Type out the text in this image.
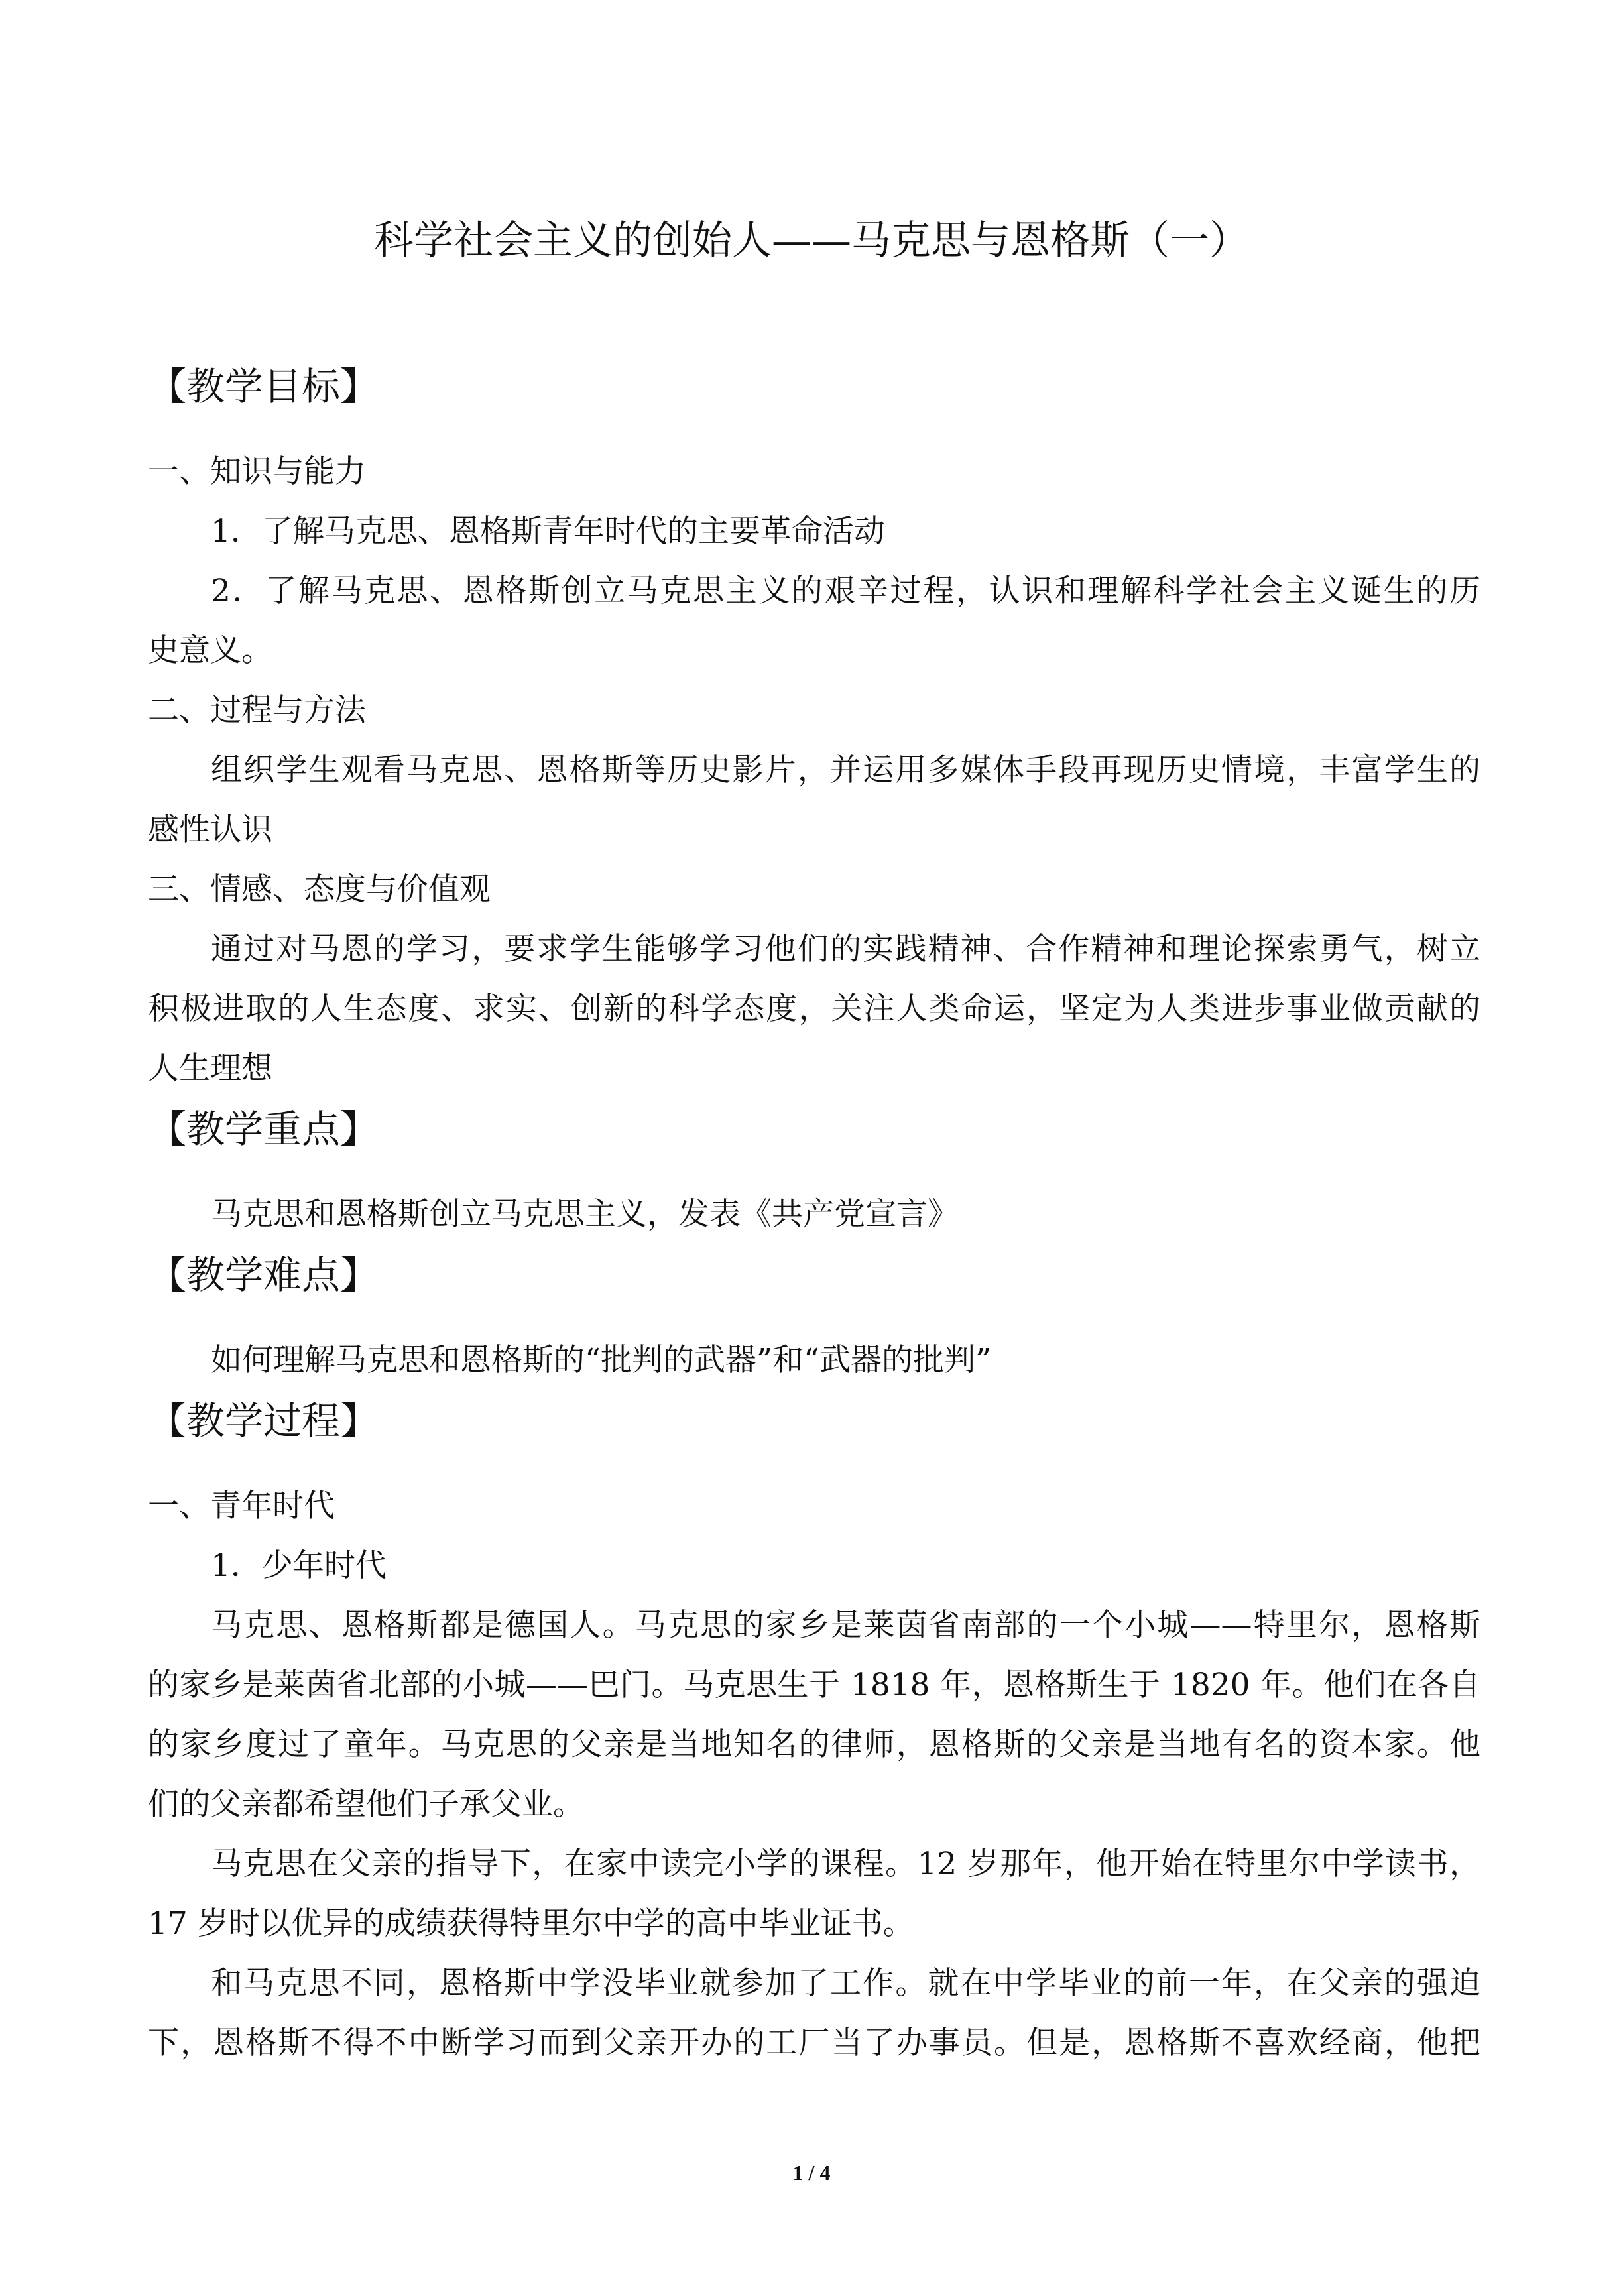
科学社会主义的创始人——马克思与恩格斯（一）
【教学目标】

一、知识与能力

1．了解马克思、恩格斯青年时代的主要革命活动

2．了解马克思、恩格斯创立马克思主义的艰辛过程，认识和理解科学社会主义诞生的历

史意义。

二、过程与方法

组织学生观看马克思、恩格斯等历史影片，并运用多媒体手段再现历史情境，丰富学生的

感性认识

三、情感、态度与价值观

通过对马恩的学习，要求学生能够学习他们的实践精神、合作精神和理论探索勇气，树立

积极进取的人生态度、求实、创新的科学态度，关注人类命运，坚定为人类进步事业做贡献的

人生理想

【教学重点】

马克思和恩格斯创立马克思主义，发表《共产党宣言》

【教学难点】

如何理解马克思和恩格斯的“批判的武器”和“武器的批判”

【教学过程】

一、青年时代

1．少年时代

马克思、恩格斯都是德国人。马克思的家乡是莱茵省南部的一个小城——特里尔，恩格斯

的家乡是莱茵省北部的小城——巴门。马克思生于 1818 年，恩格斯生于 1820 年。他们在各自

的家乡度过了童年。马克思的父亲是当地知名的律师，恩格斯的父亲是当地有名的资本家。他

们的父亲都希望他们子承父业。

马克思在父亲的指导下，在家中读完小学的课程。12 岁那年，他开始在特里尔中学读书，

17 岁时以优异的成绩获得特里尔中学的高中毕业证书。

和马克思不同，恩格斯中学没毕业就参加了工作。就在中学毕业的前一年，在父亲的强迫

下，恩格斯不得不中断学习而到父亲开办的工厂当了办事员。但是，恩格斯不喜欢经商，他把

1 / 4
